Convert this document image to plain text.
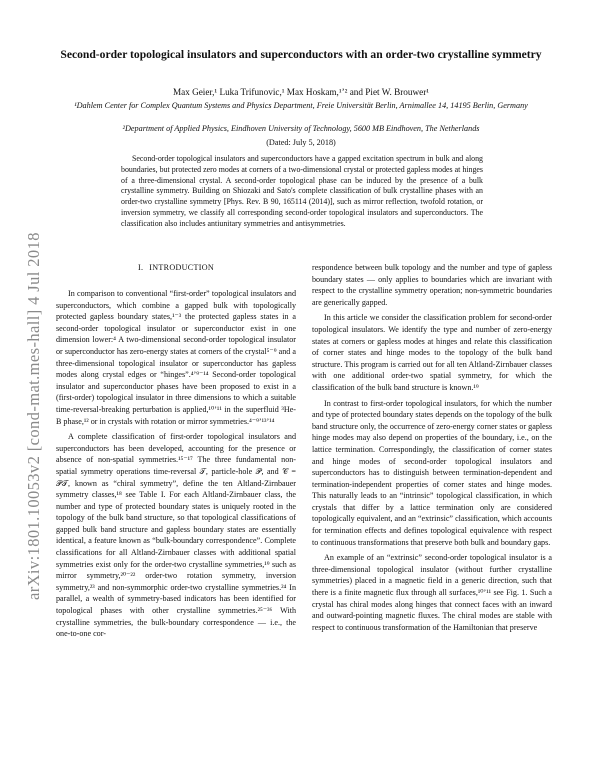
arXiv:1801.10053v2 [cond-mat.mes-hall] 4 Jul 2018
Second-order topological insulators and superconductors with an order-two crystalline symmetry
Max Geier,¹ Luka Trifunovic,¹ Max Hoskam,¹ʼ² and Piet W. Brouwer¹
¹Dahlem Center for Complex Quantum Systems and Physics Department, Freie Universität Berlin, Arnimallee 14, 14195 Berlin, Germany
²Department of Applied Physics, Eindhoven University of Technology, 5600 MB Eindhoven, The Netherlands
(Dated: July 5, 2018)
Second-order topological insulators and superconductors have a gapped excitation spectrum in bulk and along boundaries, but protected zero modes at corners of a two-dimensional crystal or protected gapless modes at hinges of a three-dimensional crystal. A second-order topological phase can be induced by the presence of a bulk crystalline symmetry. Building on Shiozaki and Sato's complete classification of bulk crystalline phases with an order-two crystalline symmetry [Phys. Rev. B 90, 165114 (2014)], such as mirror reflection, twofold rotation, or inversion symmetry, we classify all corresponding second-order topological insulators and superconductors. The classification also includes antiunitary symmetries and antisymmetries.
I. INTRODUCTION

In comparison to conventional “first-order” topological insulators and superconductors, which combine a gapped bulk with topologically protected gapless boundary states,¹⁻³ the protected gapless states in a second-order topological insulator or superconductor exist in one dimension lower:⁴ A two-dimensional second-order topological insulator or superconductor has zero-energy states at corners of the crystal⁵⁻⁹ and a three-dimensional topological insulator or superconductor has gapless modes along crystal edges or “hinges”.⁴ʼ⁹⁻¹⁴ Second-order topological insulator and superconductor phases have been proposed to exist in a (first-order) topological insulator in three dimensions to which a suitable time-reversal-breaking perturbation is applied,¹⁰ʼ¹¹ in the superfluid ³He-B phase,¹² or in crystals with rotation or mirror symmetries.⁴⁻⁹ʼ¹³ʼ¹⁴

A complete classification of first-order topological insulators and superconductors has been developed, accounting for the presence or absence of non-spatial symmetries.¹⁵⁻¹⁷ The three fundamental non-spatial symmetry operations time-reversal 𝒯, particle-hole 𝒫, and 𝒞 = 𝒫𝒯, known as “chiral symmetry”, define the ten Altland-Zirnbauer symmetry classes,¹⁸ see Table I. For each Altland-Zirnbauer class, the number and type of protected boundary states is uniquely rooted in the topology of the bulk band structure, so that topological classifications of gapped bulk band structure and gapless boundary states are essentially identical, a feature known as “bulk-boundary correspondence”. Complete classifications for all Altland-Zirnbauer classes with additional spatial symmetries exist only for the order-two crystalline symmetries,¹⁹ such as mirror symmetry,²⁰⁻²² order-two rotation symmetry, inversion symmetry,²³ and non-symmorphic order-two crystalline symmetries.²⁴ In parallel, a wealth of symmetry-based indicators has been identified for topological phases with other crystalline symmetries.²⁵⁻³⁶ With crystalline symmetries, the bulk-boundary correspondence — i.e., the one-to-one cor-

respondence between bulk topology and the number and type of gapless boundary states — only applies to boundaries which are invariant with respect to the crystalline symmetry operation; non-symmetric boundaries are generically gapped.

In this article we consider the classification problem for second-order topological insulators. We identify the type and number of zero-energy states at corners or gapless modes at hinges and relate this classification of corner states and hinge modes to the topology of the bulk band structure. This program is carried out for all ten Altland-Zirnbauer classes with one additional order-two spatial symmetry, for which the classification of the bulk band structure is known.¹⁹

In contrast to first-order topological insulators, for which the number and type of protected boundary states depends on the topology of the bulk band structure only, the occurrence of zero-energy corner states or gapless hinge modes may also depend on properties of the boundary, i.e., on the lattice termination. Correspondingly, the classification of corner states and hinge modes of second-order topological insulators and superconductors has to distinguish between termination-dependent and termination-independent properties of corner states and hinge modes. This naturally leads to an “intrinsic” topological classification, in which crystals that differ by a lattice termination only are considered topologically equivalent, and an “extrinsic” classification, which accounts for termination effects and defines topological equivalence with respect to continuous transformations that preserve both bulk and boundary gaps.

An example of an “extrinsic” second-order topological insulator is a three-dimensional topological insulator (without further crystalline symmetries) placed in a magnetic field in a generic direction, such that there is a finite magnetic flux through all surfaces,¹⁰ʼ¹¹ see Fig. 1. Such a crystal has chiral modes along hinges that connect faces with an inward and outward-pointing magnetic fluxes. The chiral modes are stable with respect to continuous transformation of the Hamiltonian that preserve
